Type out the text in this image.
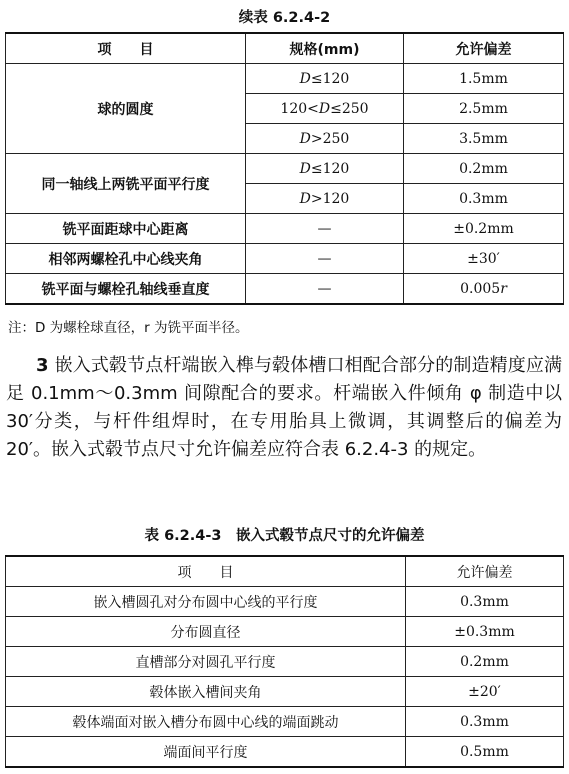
续表 6.2.4-2
项　　目	规格(mm)	允许偏差
球的圆度	D≤120	1.5mm
	120<D≤250	2.5mm
	D>250	3.5mm
同一轴线上两铣平面平行度	D≤120	0.2mm
	D>120	0.3mm
铣平面距球中心距离	—	±0.2mm
相邻两螺栓孔中心线夹角	—	±30′
铣平面与螺栓孔轴线垂直度	—	0.005r
注：D 为螺栓球直径，r 为铣平面半径。

3 嵌入式毂节点杆端嵌入榫与毂体槽口相配合部分的制造精度应满足 0.1mm～0.3mm 间隙配合的要求。杆端嵌入件倾角 φ 制造中以 30′分类，与杆件组焊时，在专用胎具上微调，其调整后的偏差为 20′。嵌入式毂节点尺寸允许偏差应符合表 6.2.4-3 的规定。

表 6.2.4-3　嵌入式毂节点尺寸的允许偏差
项　　目	允许偏差
嵌入槽圆孔对分布圆中心线的平行度	0.3mm
分布圆直径	±0.3mm
直槽部分对圆孔平行度	0.2mm
毂体嵌入槽间夹角	±20′
毂体端面对嵌入槽分布圆中心线的端面跳动	0.3mm
端面间平行度	0.5mm
